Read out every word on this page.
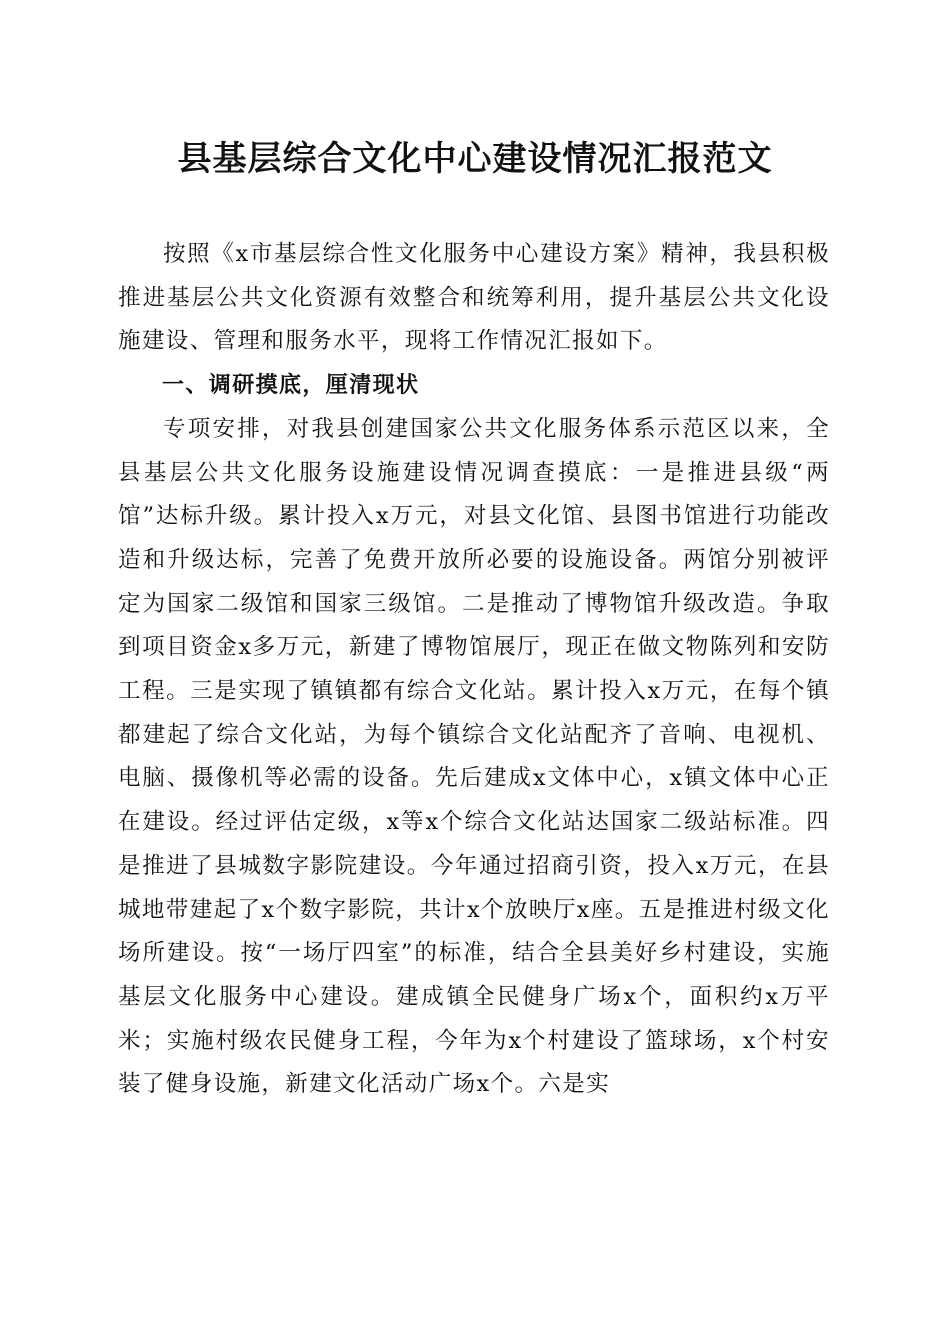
县基层综合文化中心建设情况汇报范文

按照《x市基层综合性文化服务中心建设方案》精神，我县积极推进基层公共文化资源有效整合和统筹利用，提升基层公共文化设施建设、管理和服务水平，现将工作情况汇报如下。

一、调研摸底，厘清现状

专项安排，对我县创建国家公共文化服务体系示范区以来，全县基层公共文化服务设施建设情况调查摸底：一是推进县级“两馆”达标升级。累计投入x万元，对县文化馆、县图书馆进行功能改造和升级达标，完善了免费开放所必要的设施设备。两馆分别被评定为国家二级馆和国家三级馆。二是推动了博物馆升级改造。争取到项目资金x多万元，新建了博物馆展厅，现正在做文物陈列和安防工程。三是实现了镇镇都有综合文化站。累计投入x万元，在每个镇都建起了综合文化站，为每个镇综合文化站配齐了音响、电视机、电脑、摄像机等必需的设备。先后建成x文体中心，x镇文体中心正在建设。经过评估定级，x等x个综合文化站达国家二级站标准。四是推进了县城数字影院建设。今年通过招商引资，投入x万元，在县城地带建起了x个数字影院，共计x个放映厅x座。五是推进村级文化场所建设。按“一场厅四室”的标准，结合全县美好乡村建设，实施基层文化服务中心建设。建成镇全民健身广场x个，面积约x万平米；实施村级农民健身工程，今年为x个村建设了篮球场，x个村安装了健身设施，新建文化活动广场x个。六是实
